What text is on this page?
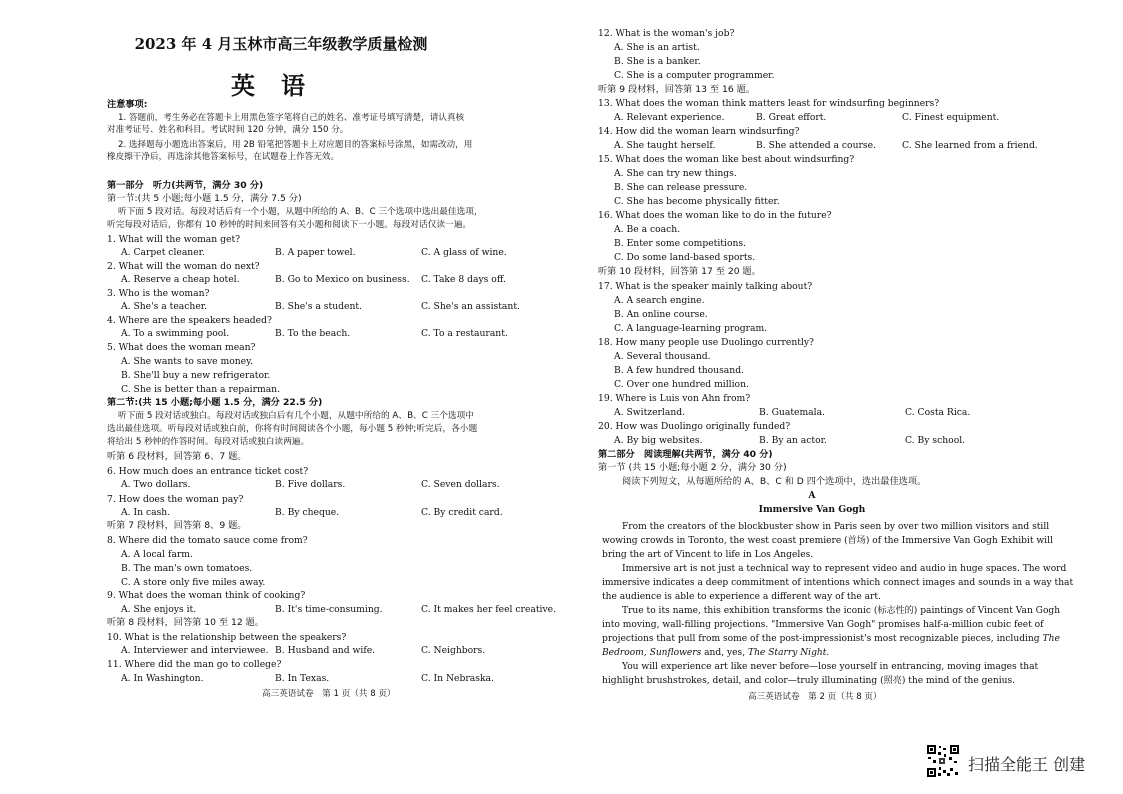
2023 年 4 月玉林市高三年级教学质量检测
英语
注意事项:
1. 答题前，考生务必在答题卡上用黑色签字笔将自己的姓名、准考证号填写清楚，请认真核
对准考证号、姓名和科目。考试时间 120 分钟，满分 150 分。
2. 选择题每小题选出答案后，用 2B 铅笔把答题卡上对应题目的答案标号涂黑，如需改动，用
橡皮擦干净后，再选涂其他答案标号，在试题卷上作答无效。
第一部分　听力(共两节，满分 30 分)
第一节:(共 5 小题;每小题 1.5 分，满分 7.5 分)
听下面 5 段对话。每段对话后有一个小题，从题中所给的 A、B、C 三个选项中选出最佳选项，
听完每段对话后，你都有 10 秒钟的时间来回答有关小题和阅读下一小题。每段对话仅读一遍。
1. What will the woman get?
A. Carpet cleaner.	B. A paper towel.	C. A glass of wine.
2. What will the woman do next?
A. Reserve a cheap hotel.	B. Go to Mexico on business. C. Take 8 days off.
3. Who is the woman?
A. She's a teacher.	B. She's a student.	C. She's an assistant.
4. Where are the speakers headed?
A. To a swimming pool.	B. To the beach.	C. To a restaurant.
5. What does the woman mean?
A. She wants to save money.
B. She'll buy a new refrigerator.
C. She is better than a repairman.
第二节:(共 15 小题;每小题 1.5 分，满分 22.5 分)
听下面 5 段对话或独白。每段对话或独白后有几个小题，从题中所给的 A、B、C 三个选项中
选出最佳选项。听每段对话或独白前，你将有时间阅读各个小题，每小题 5 秒钟;听完后，各小题
将给出 5 秒钟的作答时间。每段对话或独白读两遍。
听第 6 段材料，回答第 6、7 题。
6. How much does an entrance ticket cost?
A. Two dollars.	B. Five dollars.	C. Seven dollars.
7. How does the woman pay?
A. In cash.	B. By cheque.	C. By credit card.
听第 7 段材料，回答第 8、9 题。
8. Where did the tomato sauce come from?
A. A local farm.
B. The man's own tomatoes.
C. A store only five miles away.
9. What does the woman think of cooking?
A. She enjoys it.	B. It's time-consuming.	C. It makes her feel creative.
听第 8 段材料，回答第 10 至 12 题。
10. What is the relationship between the speakers?
A. Interviewer and interviewee. B. Husband and wife.	C. Neighbors.
11. Where did the man go to college?
A. In Washington.	B. In Texas.	C. In Nebraska.
高三英语试卷　第 1 页（共 8 页）
12. What is the woman's job?
A. She is an artist.
B. She is a banker.
C. She is a computer programmer.
听第 9 段材料，回答第 13 至 16 题。
13. What does the woman think matters least for windsurfing beginners?
A. Relevant experience.	B. Great effort.	C. Finest equipment.
14. How did the woman learn windsurfing?
A. She taught herself.	B. She attended a course.	C. She learned from a friend.
15. What does the woman like best about windsurfing?
A. She can try new things.
B. She can release pressure.
C. She has become physically fitter.
16. What does the woman like to do in the future?
A. Be a coach.
B. Enter some competitions.
C. Do some land-based sports.
听第 10 段材料，回答第 17 至 20 题。
17. What is the speaker mainly talking about?
A. A search engine.
B. An online course.
C. A language-learning program.
18. How many people use Duolingo currently?
A. Several thousand.
B. A few hundred thousand.
C. Over one hundred million.
19. Where is Luis von Ahn from?
A. Switzerland.	B. Guatemala.	C. Costa Rica.
20. How was Duolingo originally funded?
A. By big websites.	B. By an actor.	C. By school.
第二部分　阅读理解(共两节，满分 40 分)
第一节 (共 15 小题;每小题 2 分，满分 30 分)
阅读下列短文，从每题所给的 A、B、C 和 D 四个选项中，选出最佳选项。
A
Immersive Van Gogh
From the creators of the blockbuster show in Paris seen by over two million visitors and still
wowing crowds in Toronto, the west coast premiere (首场) of the Immersive Van Gogh Exhibit will
bring the art of Vincent to life in Los Angeles.
Immersive art is not just a technical way to represent video and audio in huge spaces. The word
immersive indicates a deep commitment of intentions which connect images and sounds in a way that
the audience is able to experience a different way of the art.
True to its name, this exhibition transforms the iconic (标志性的) paintings of Vincent Van Gogh
into moving, wall-filling projections. "Immersive Van Gogh" promises half-a-million cubic feet of
projections that pull from some of the post-impressionist's most recognizable pieces, including The
Bedroom, Sunflowers and, yes, The Starry Night.
You will experience art like never before—lose yourself in entrancing, moving images that
highlight brushstrokes, detail, and color—truly illuminating (照亮) the mind of the genius.
高三英语试卷　第 2 页（共 8 页）
扫描全能王 创建
